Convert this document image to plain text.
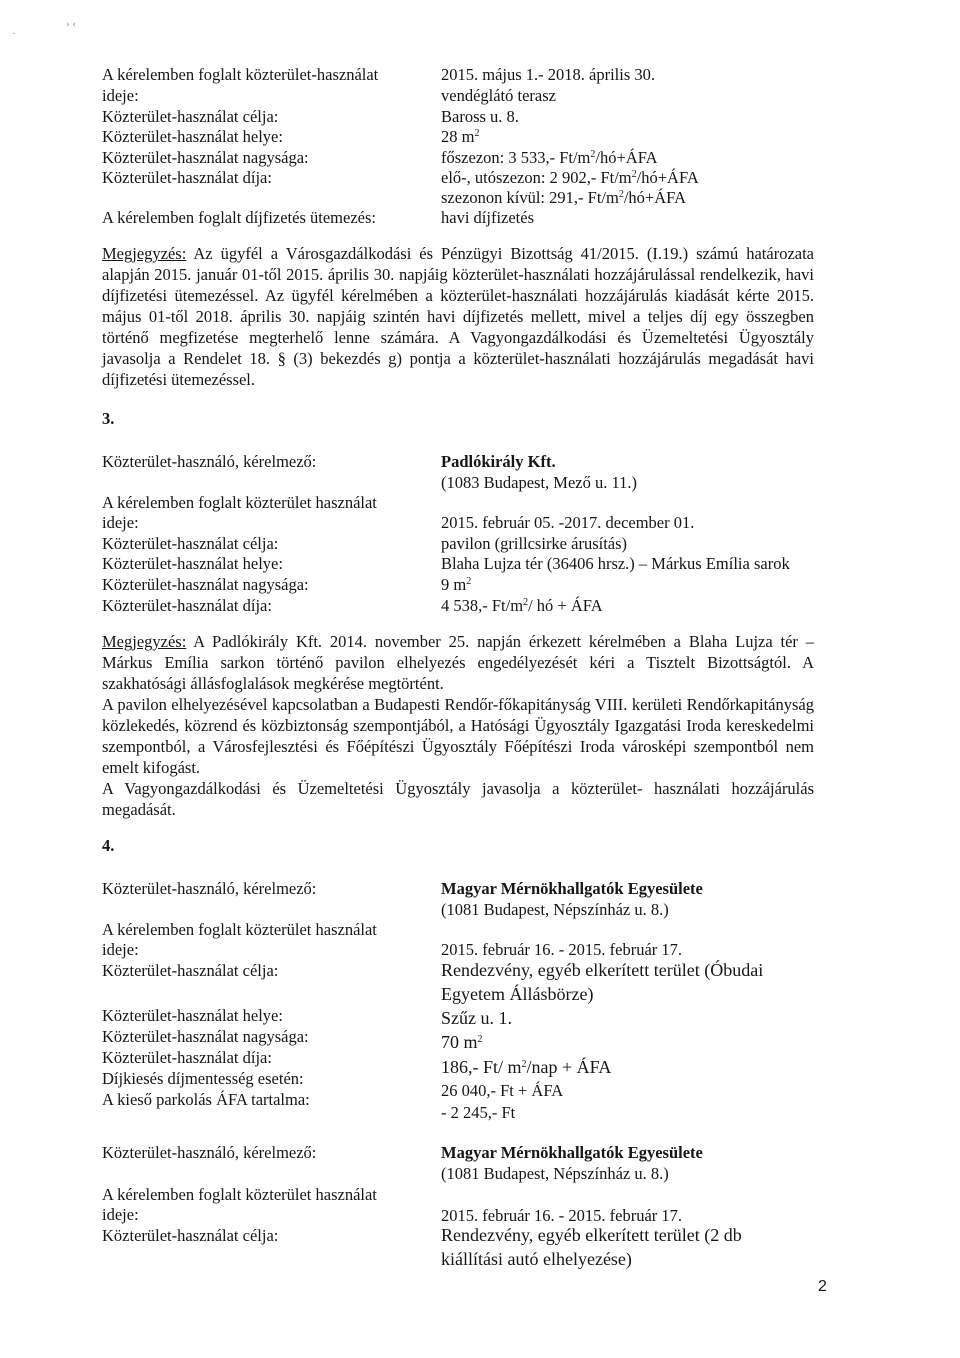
› ‹
·
A kérelemben foglalt közterület-használat	2015. május 1.- 2018. április 30.
ideje:	vendéglátó terasz
Közterület-használat célja:	Baross u. 8.
Közterület-használat helye:	28 $m^2$
Közterület-használat nagysága:	főszezon: 3 533,- $Ft/m^2/hó+ÁFA$
Közterület-használat díja:	elő-, utószezon: 2 902,- $Ft/m^2/hó+ÁFA$
szezonon kívül: 291,- $Ft/m^2/hó+ÁFA$
A kérelemben foglalt díjfizetés ütemezés:	havi díjfizetés

Megjegyzés: Az ügyfél a Városgazdálkodási és Pénzügyi Bizottság 41/2015. (I.19.) számú határozata alapján 2015. január 01-től 2015. április 30. napjáig közterület-használati hozzájárulással rendelkezik, havi díjfizetési ütemezéssel. Az ügyfél kérelmében a közterület-használati hozzájárulás kiadását kérte 2015. május 01-től 2018. április 30. napjáig szintén havi díjfizetés mellett, mivel a teljes díj egy összegben történő megfizetése megterhelő lenne számára. A Vagyongazdálkodási és Üzemeltetési Ügyosztály javasolja a Rendelet 18. § (3) bekezdés g) pontja a közterület-használati hozzájárulás megadását havi díjfizetési ütemezéssel.

3.
Közterület-használó, kérelmező:	Padlókirály Kft.
(1083 Budapest, Mező u. 11.)
A kérelemben foglalt közterület használat
ideje:	2015. február 05. -2017. december 01.
Közterület-használat célja:	pavilon (grillcsirke árusítás)
Közterület-használat helye:	Blaha Lujza tér (36406 hrsz.) – Márkus Emília sarok
Közterület-használat nagysága:	9 $m^2$
Közterület-használat díja:	4 538,- $Ft/m^2/$ hó + ÁFA

Megjegyzés: A Padlókirály Kft. 2014. november 25. napján érkezett kérelmében a Blaha Lujza tér – Márkus Emília sarkon történő pavilon elhelyezés engedélyezését kéri a Tisztelt Bizottságtól. A szakhatósági állásfoglalások megkérése megtörtént.

A pavilon elhelyezésével kapcsolatban a Budapesti Rendőr-főkapitányság VIII. kerületi Rendőrkapitányság közlekedés, közrend és közbiztonság szempontjából, a Hatósági Ügyosztály Igazgatási Iroda kereskedelmi szempontból, a Városfejlesztési és Főépítészi Ügyosztály Főépítészi Iroda városképi szempontból nem emelt kifogást.

A Vagyongazdálkodási és Üzemeltetési Ügyosztály javasolja a közterület- használati hozzájárulás megadását.

4.
Közterület-használó, kérelmező:	Magyar Mérnökhallgatók Egyesülete
(1081 Budapest, Népszínház u. 8.)
A kérelemben foglalt közterület használat
ideje:	2015. február 16. - 2015. február 17.
Közterület-használat célja:	Rendezvény, egyéb elkerített terület (Óbudai
Egyetem Állásbörze)
Közterület-használat helye:	Szűz u. 1.
Közterület-használat nagysága:	70 $m^2$
Közterület-használat díja:	186,- Ft/ $m^2$/nap + ÁFA
Díjkiesés díjmentesség esetén:
26 040,- Ft + ÁFA
A kieső parkolás ÁFA tartalma:
- 2 245,- Ft
Közterület-használó, kérelmező:	Magyar Mérnökhallgatók Egyesülete
(1081 Budapest, Népszínház u. 8.)
A kérelemben foglalt közterület használat
ideje:	2015. február 16. - 2015. február 17.
Közterület-használat célja:	Rendezvény, egyéb elkerített terület (2 db
kiállítási autó elhelyezése)
2
